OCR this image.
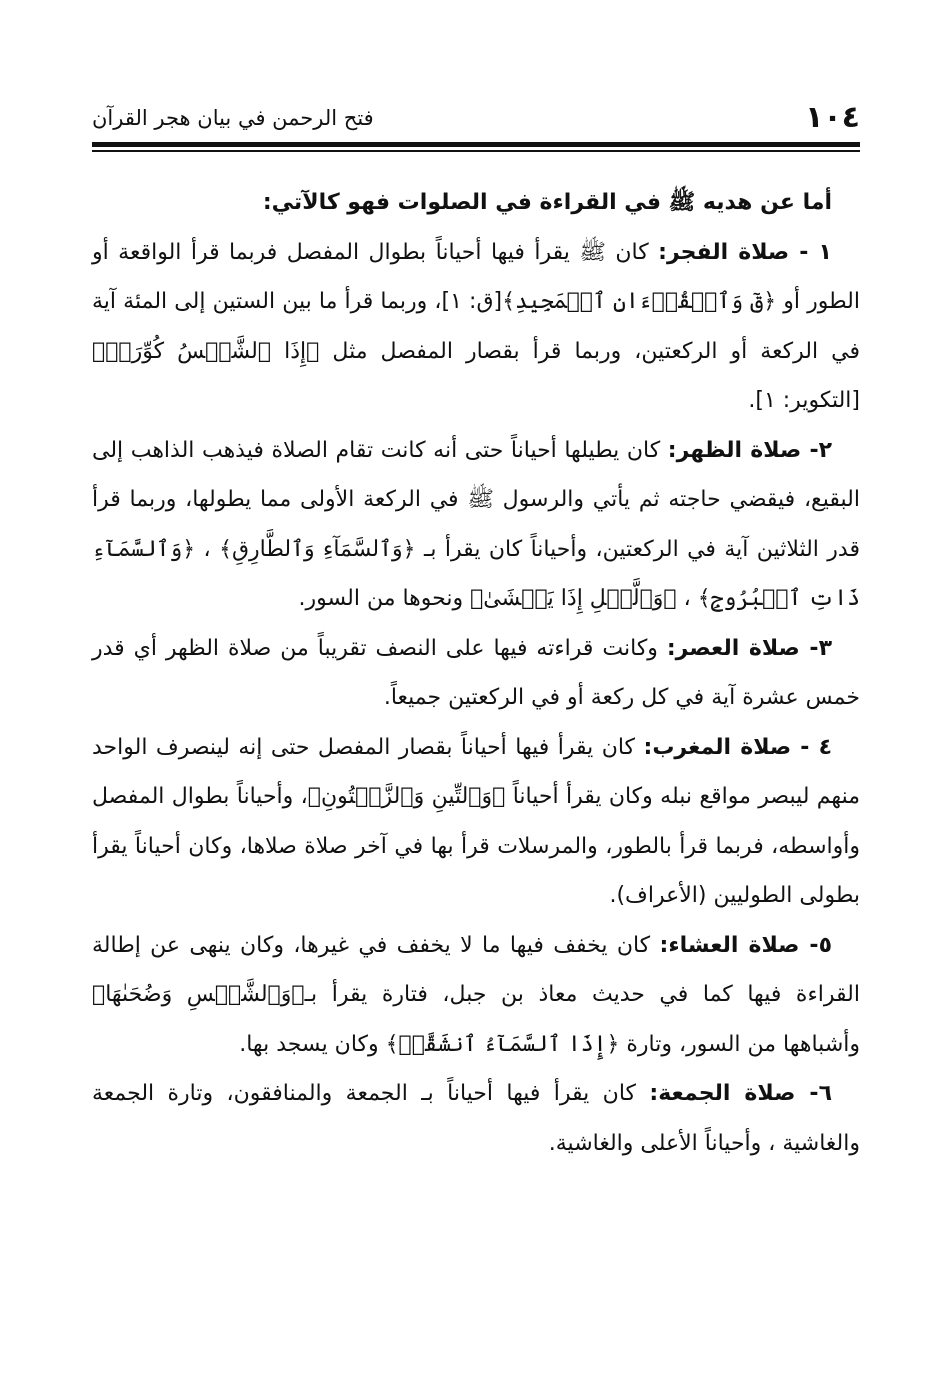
١٠٤
فتح الرحمن في بيان هجر القرآن

أما عن هديه ﷺ في القراءة في الصلوات فهو كالآتي:

١ - صلاة الفجر: كان ﷺ يقرأ فيها أحياناً بطوال المفصل فربما قرأ الواقعة أو الطور أو ﴿قٓ وَٱلۡقُرۡءَانِ ٱلۡمَجِيدِ﴾[ق: ١]، وربما قرأ ما بين الستين إلى المئة آية في الركعة أو الركعتين، وربما قرأ بقصار المفصل مثل ﴿إِذَا ٱلشَّمۡسُ كُوِّرَتۡ﴾ [التكوير: ١].

٢- صلاة الظهر: كان يطيلها أحياناً حتى أنه كانت تقام الصلاة فيذهب الذاهب إلى البقيع، فيقضي حاجته ثم يأتي والرسول ﷺ في الركعة الأولى مما يطولها، وربما قرأ قدر الثلاثين آية في الركعتين، وأحياناً كان يقرأ بـ ﴿وَٱلسَّمَآءِ وَٱلطَّارِقِ﴾ ، ﴿وَٱلسَّمَآءِ ذَاتِ ٱلۡبُرُوجِ﴾ ، ﴿وَٱلَّيۡلِ إِذَا يَغۡشَىٰ﴾ ونحوها من السور.

٣- صلاة العصر: وكانت قراءته فيها على النصف تقريباً من صلاة الظهر أي قدر خمس عشرة آية في كل ركعة أو في الركعتين جميعاً.

٤ - صلاة المغرب: كان يقرأ فيها أحياناً بقصار المفصل حتى إنه لينصرف الواحد منهم ليبصر مواقع نبله وكان يقرأ أحياناً ﴿وَٱلتِّينِ وَٱلزَّيۡتُونِ﴾، وأحياناً بطوال المفصل وأواسطه، فربما قرأ بالطور، والمرسلات قرأ بها في آخر صلاة صلاها، وكان أحياناً يقرأ بطولى الطوليين (الأعراف).

٥- صلاة العشاء: كان يخفف فيها ما لا يخفف في غيرها، وكان ينهى عن إطالة القراءة فيها كما في حديث معاذ بن جبل، فتارة يقرأ بـ﴿وَٱلشَّمۡسِ وَضُحَىٰهَا﴾ وأشباهها من السور، وتارة ﴿إِذَا ٱلسَّمَآءُ ٱنشَقَّتۡ﴾ وكان يسجد بها.

٦- صلاة الجمعة: كان يقرأ فيها أحياناً بـ الجمعة والمنافقون، وتارة الجمعة والغاشية ، وأحياناً الأعلى والغاشية.
